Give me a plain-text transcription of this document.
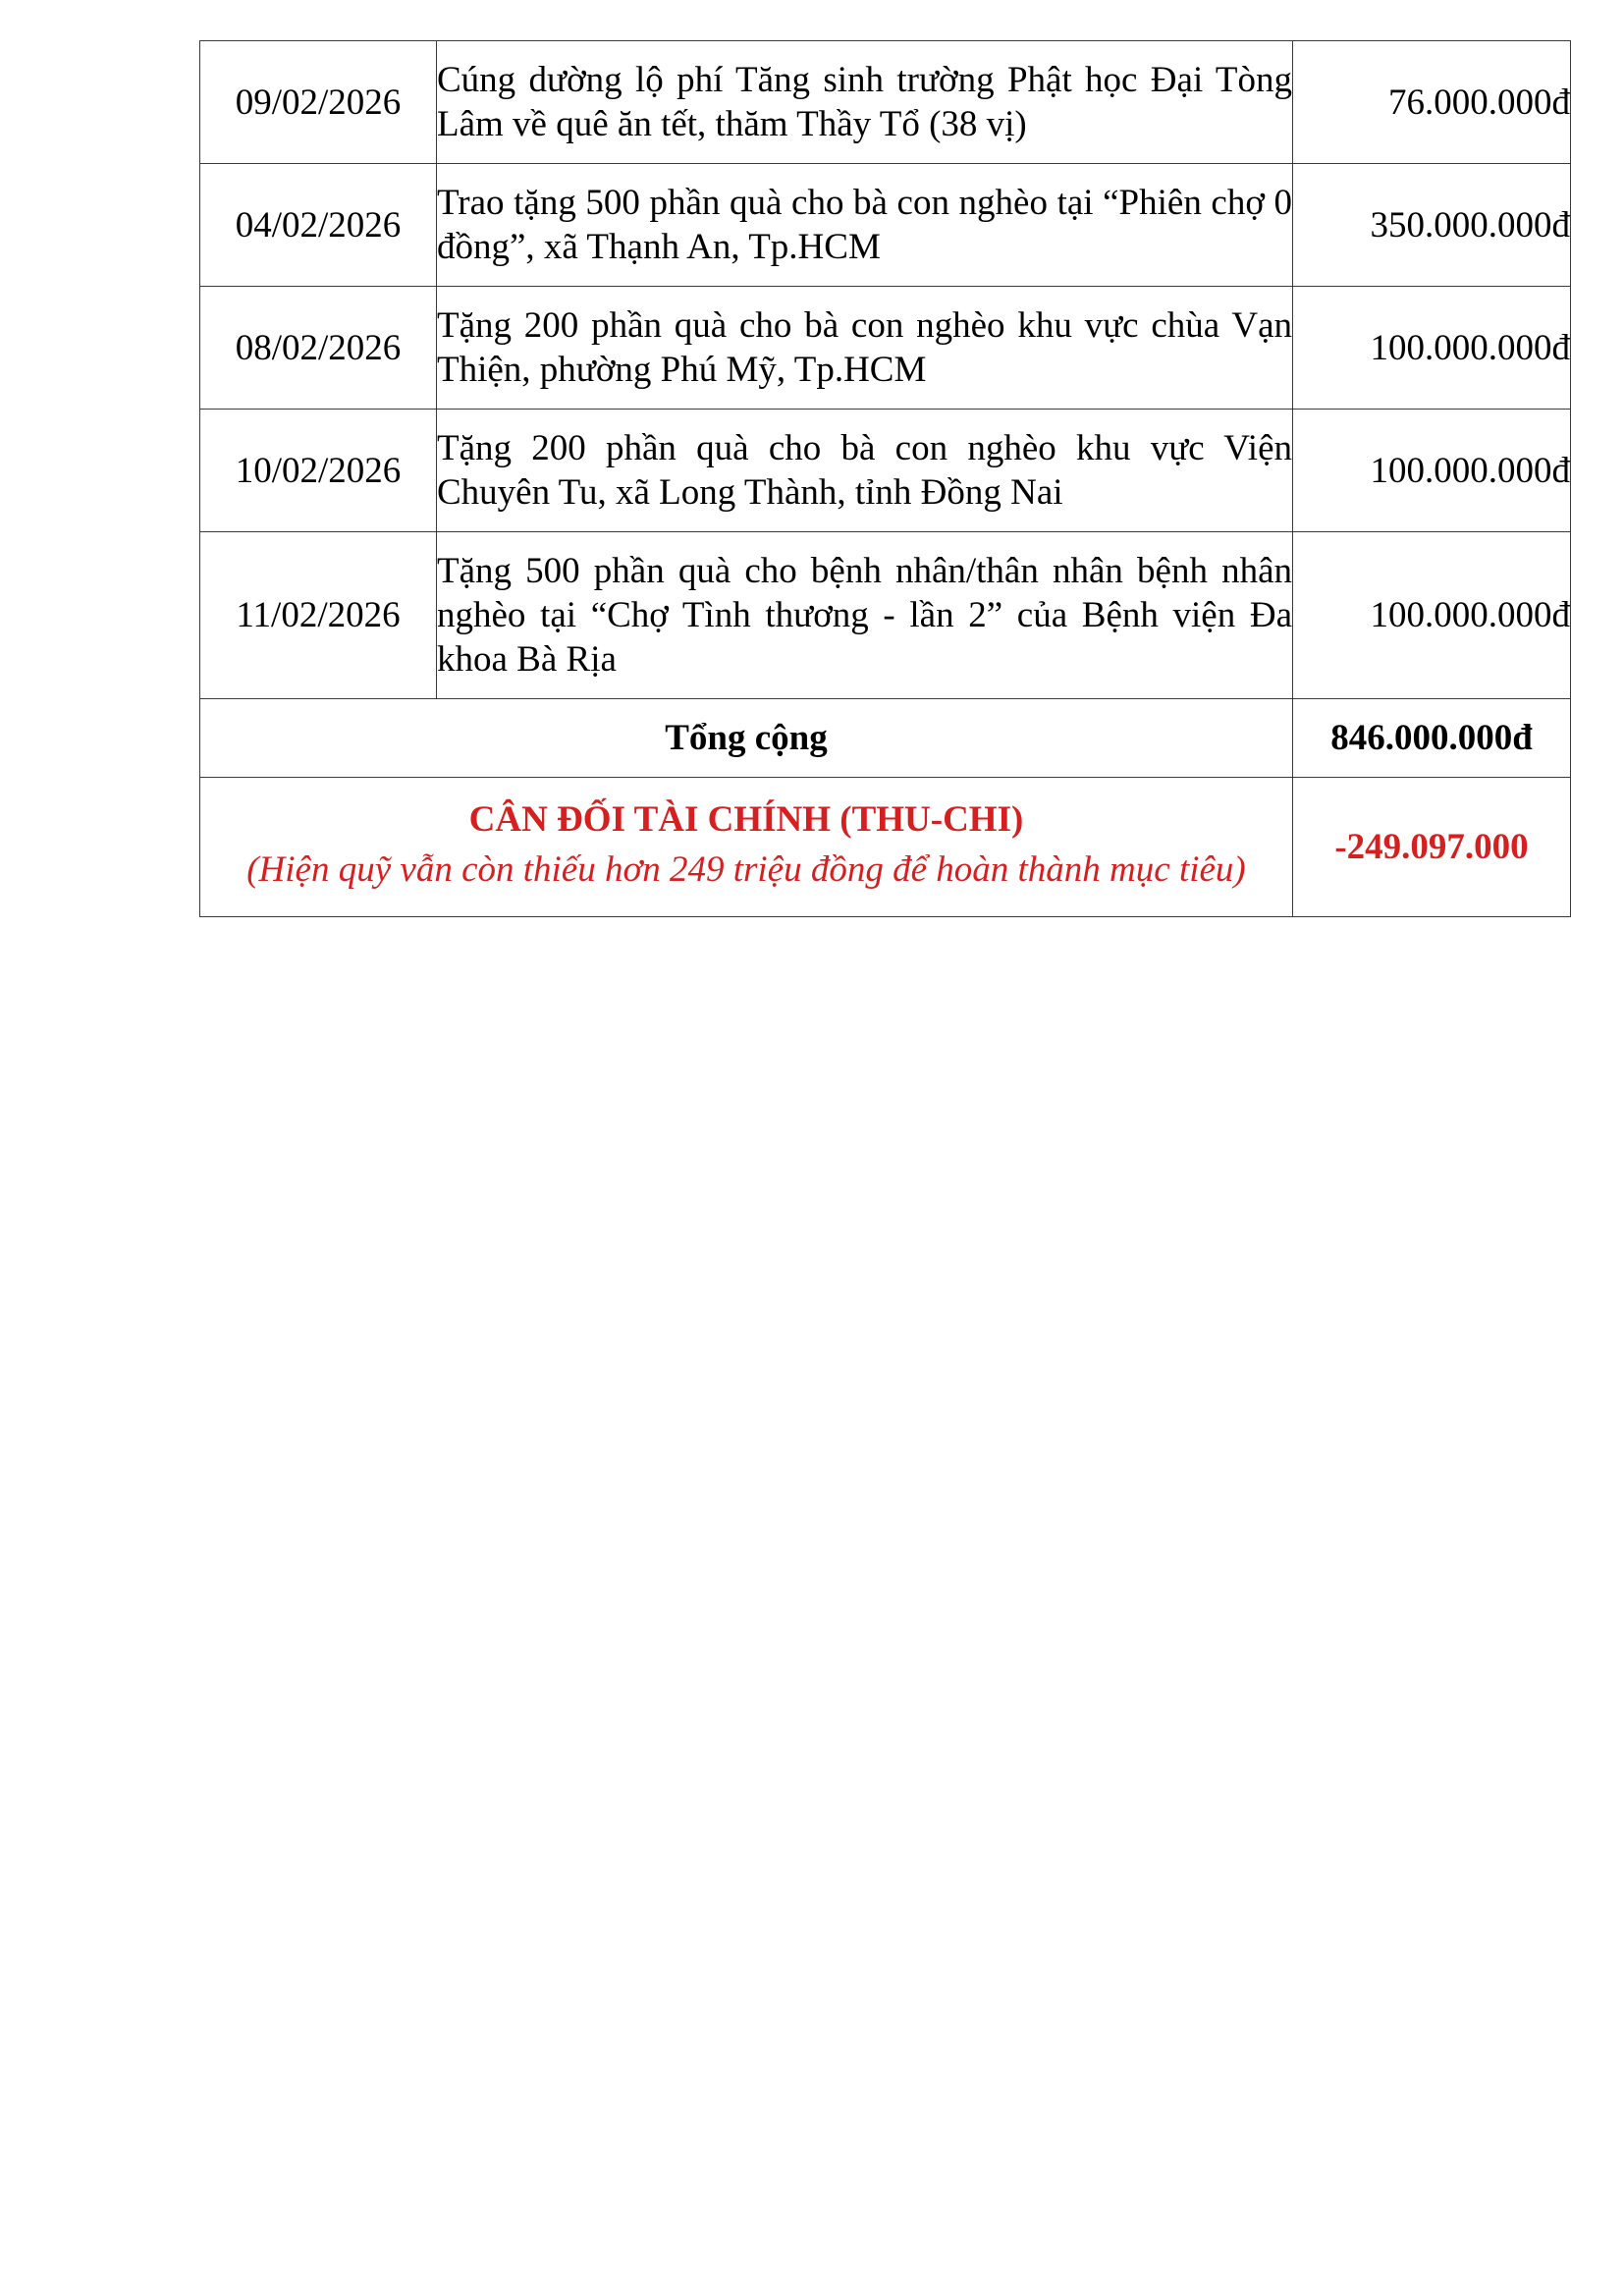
09/02/2026	Cúng dường lộ phí Tăng sinh trường Phật học Đại Tòng Lâm về quê ăn tết, thăm Thầy Tổ (38 vị)	76.000.000đ
04/02/2026	Trao tặng 500 phần quà cho bà con nghèo tại “Phiên chợ 0 đồng”, xã Thạnh An, Tp.HCM	350.000.000đ
08/02/2026	Tặng 200 phần quà cho bà con nghèo khu vực chùa Vạn Thiện, phường Phú Mỹ, Tp.HCM	100.000.000đ
10/02/2026	Tặng 200 phần quà cho bà con nghèo khu vực Viện Chuyên Tu, xã Long Thành, tỉnh Đồng Nai	100.000.000đ
11/02/2026	Tặng 500 phần quà cho bệnh nhân/thân nhân bệnh nhân nghèo tại “Chợ Tình thương - lần 2” của Bệnh viện Đa khoa Bà Rịa	100.000.000đ
Tổng cộng		846.000.000đ

CÂN ĐỐI TÀI CHÍNH (THU-CHI)
(Hiện quỹ vẫn còn thiếu hơn 249 triệu đồng để hoàn thành mục tiêu)		-249.097.000
